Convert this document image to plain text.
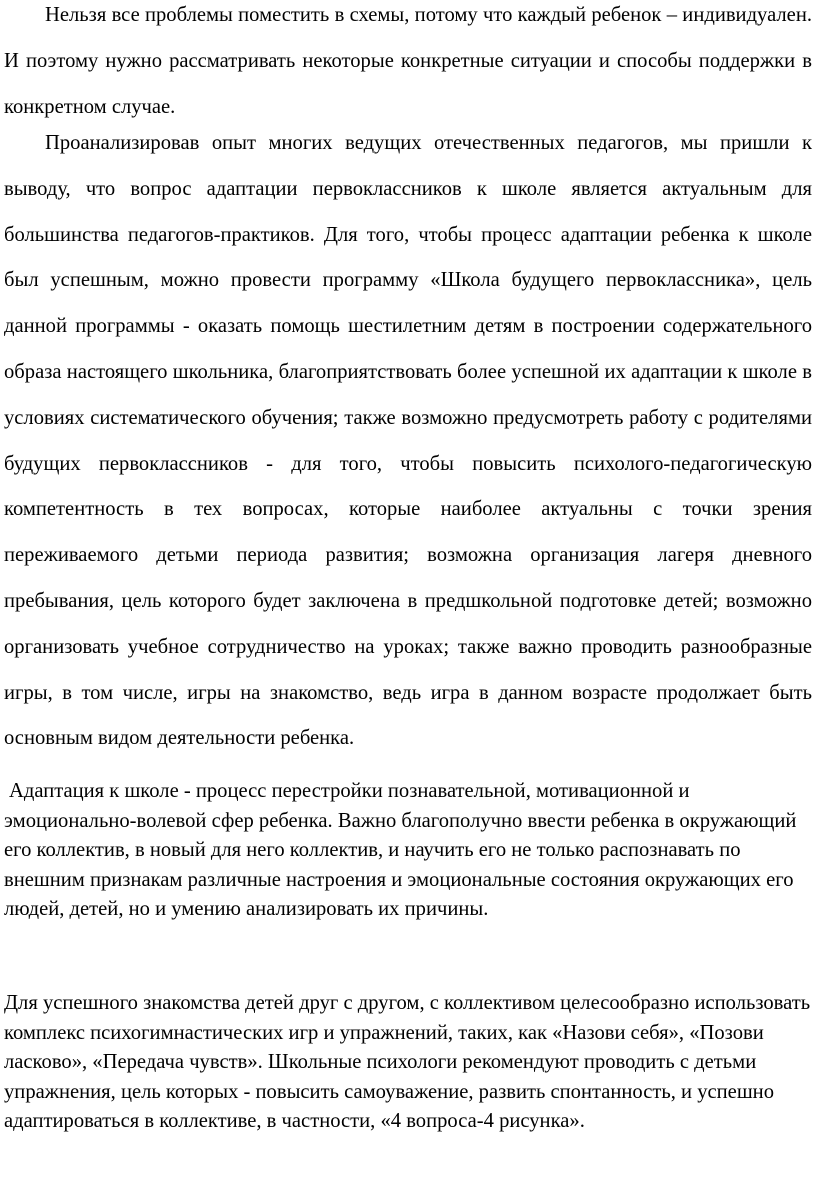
Нельзя все проблемы поместить в схемы, потому что каждый ребенок – индивидуален. И поэтому нужно рассматривать некоторые конкретные ситуации и способы поддержки в конкретном случае.

Проанализировав опыт многих ведущих отечественных педагогов, мы пришли к выводу, что вопрос адаптации первоклассников к школе является актуальным для большинства педагогов-практиков. Для того, чтобы процесс адаптации ребенка к школе был успешным, можно провести программу «Школа будущего первоклассника», цель данной программы - оказать помощь шестилетним детям в построении содержательного образа настоящего школьника, благоприятствовать более успешной их адаптации к школе в условиях систематического обучения; также возможно предусмотреть работу с родителями будущих первоклассников - для того, чтобы повысить психолого-педагогическую компетентность в тех вопросах, которые наиболее актуальны с точки зрения переживаемого детьми периода развития; возможна организация лагеря дневного пребывания, цель которого будет заключена в предшкольной подготовке детей; возможно организовать учебное сотрудничество на уроках; также важно проводить разнообразные игры, в том числе, игры на знакомство, ведь игра в данном возрасте продолжает быть основным видом деятельности ребенка.

Адаптация к школе - процесс перестройки познавательной, мотивационной и эмоционально-волевой сфер ребенка. Важно благополучно ввести ребенка в окружающий его коллектив, в новый для него коллектив, и научить его не только распознавать по внешним признакам различные настроения и эмоциональные состояния окружающих его людей, детей, но и умению анализировать их причины.

Для успешного знакомства детей друг с другом, с коллективом целесообразно использовать комплекс психогимнастических игр и упражнений, таких, как «Назови себя», «Позови ласково», «Передача чувств». Школьные психологи рекомендуют проводить с детьми упражнения, цель которых - повысить самоуважение, развить спонтанность, и успешно адаптироваться в коллективе, в частности, «4 вопроса-4 рисунка».
